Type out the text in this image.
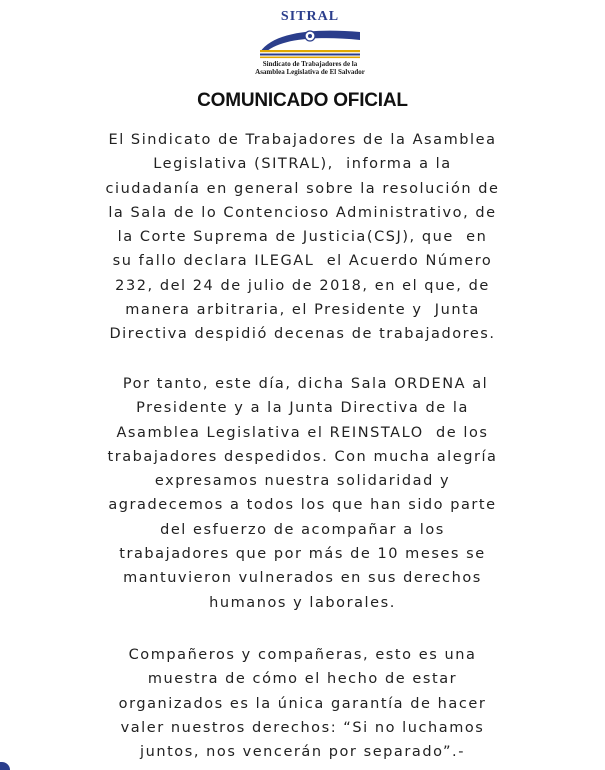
SITRAL
Sindicato de Trabajadores de la
Asamblea Legislativa de El Salvador
COMUNICADO OFICIAL
El Sindicato de Trabajadores de la Asamblea
Legislativa (SITRAL),  informa a la
ciudadanía en general sobre la resolución de
la Sala de lo Contencioso Administrativo, de
la Corte Suprema de Justicia(CSJ), que  en
su fallo declara ILEGAL  el Acuerdo Número
232, del 24 de julio de 2018, en el que, de
manera arbitraria, el Presidente y  Junta
Directiva despidió decenas de trabajadores.
Por tanto, este día, dicha Sala ORDENA al
Presidente y a la Junta Directiva de la
Asamblea Legislativa el REINSTALO  de los
trabajadores despedidos. Con mucha alegría
expresamos nuestra solidaridad y
agradecemos a todos los que han sido parte
del esfuerzo de acompañar a los
trabajadores que por más de 10 meses se
mantuvieron vulnerados en sus derechos
humanos y laborales.
Compañeros y compañeras, esto es una
muestra de cómo el hecho de estar
organizados es la única garantía de hacer
valer nuestros derechos: “Si no luchamos
juntos, nos vencerán por separado”.-
